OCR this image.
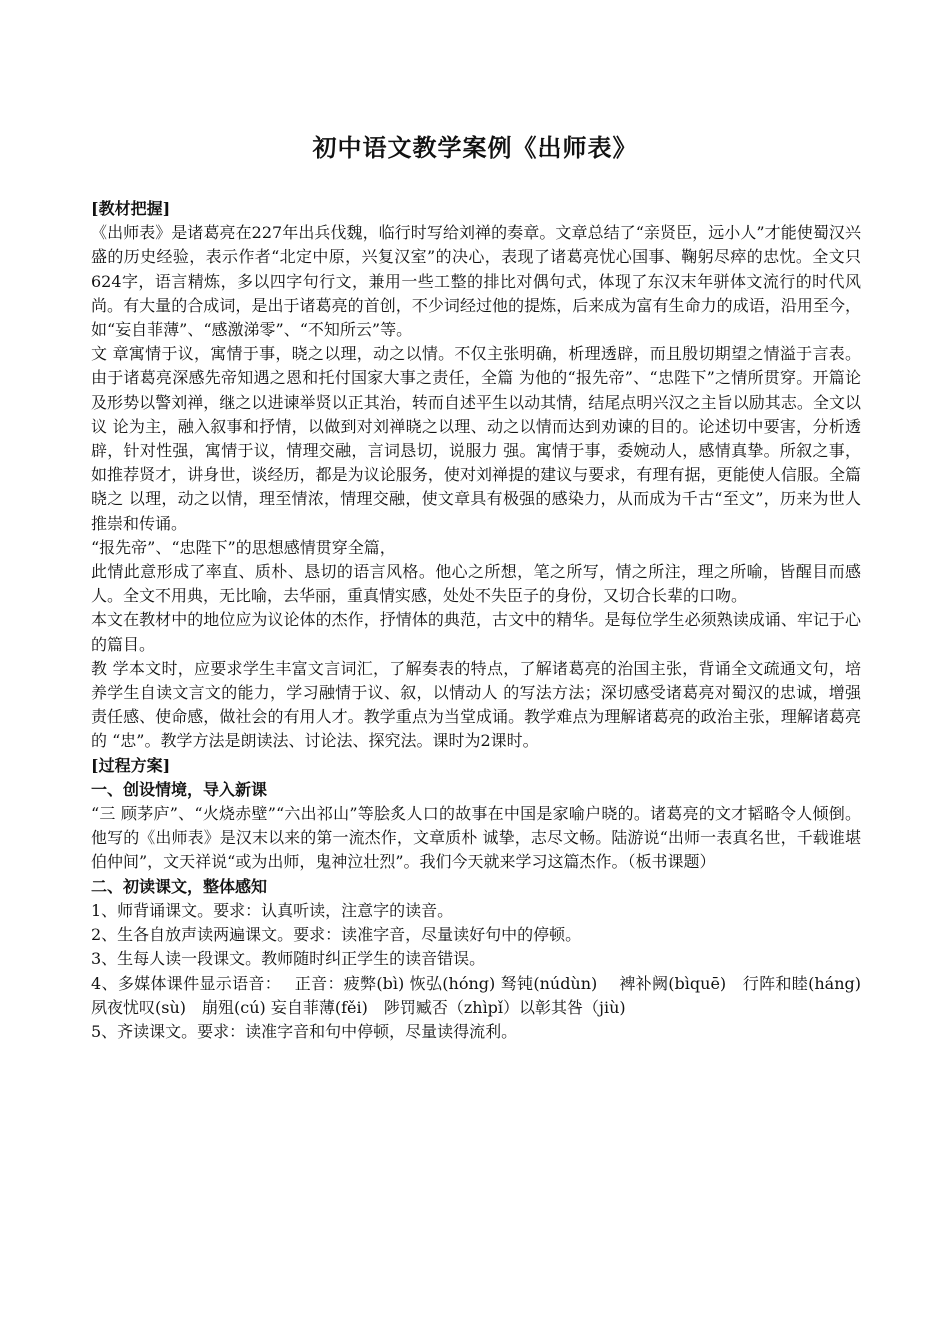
初中语文教学案例《出师表》

[教材把握]

《出师表》是诸葛亮在227年出兵伐魏，临行时写给刘禅的奏章。文章总结了“亲贤臣，远小人”才能使蜀汉兴盛的历史经验，表示作者“北定中原，兴复汉室”的决心，表现了诸葛亮忧心国事、鞠躬尽瘁的忠忱。全文只624字，语言精炼，多以四字句行文，兼用一些工整的排比对偶句式，体现了东汉末年骈体文流行的时代风尚。有大量的合成词，是出于诸葛亮的首创，不少词经过他的提炼，后来成为富有生命力的成语，沿用至今，如“妄自菲薄”、“感激涕零”、“不知所云”等。

文 章寓情于议，寓情于事，晓之以理，动之以情。不仅主张明确，析理透辟，而且殷切期望之情溢于言表。由于诸葛亮深感先帝知遇之恩和托付国家大事之责任，全篇 为他的“报先帝”、“忠陛下”之情所贯穿。开篇论及形势以警刘禅，继之以进谏举贤以正其治，转而自述平生以动其情，结尾点明兴汉之主旨以励其志。全文以议 论为主，融入叙事和抒情，以做到对刘禅晓之以理、动之以情而达到劝谏的目的。论述切中要害，分析透辟，针对性强，寓情于议，情理交融，言词恳切，说服力 强。寓情于事，委婉动人，感情真挚。所叙之事，如推荐贤才，讲身世，谈经历，都是为议论服务，使对刘禅提的建议与要求，有理有据，更能使人信服。全篇晓之 以理，动之以情，理至情浓，情理交融，使文章具有极强的感染力，从而成为千古“至文”，历来为世人推崇和传诵。

“报先帝”、“忠陛下”的思想感情贯穿全篇，

此情此意形成了率直、质朴、恳切的语言风格。他心之所想，笔之所写，情之所注，理之所喻，皆醒目而感人。全文不用典，无比喻，去华丽，重真情实感，处处不失臣子的身份，又切合长辈的口吻。

本文在教材中的地位应为议论体的杰作，抒情体的典范，古文中的精华。是每位学生必须熟读成诵、牢记于心的篇目。

教 学本文时，应要求学生丰富文言词汇，了解奏表的特点，了解诸葛亮的治国主张，背诵全文疏通文句，培养学生自读文言文的能力，学习融情于议、叙，以情动人 的写法方法；深切感受诸葛亮对蜀汉的忠诚，增强责任感、使命感，做社会的有用人才。教学重点为当堂成诵。教学难点为理解诸葛亮的政治主张，理解诸葛亮的 “忠”。教学方法是朗读法、讨论法、探究法。课时为2课时。

[过程方案]

一、创设情境，导入新课

“三 顾茅庐”、“火烧赤壁”“六出祁山”等脍炙人口的故事在中国是家喻户晓的。诸葛亮的文才韬略令人倾倒。他写的《出师表》是汉末以来的第一流杰作，文章质朴 诚挚，志尽文畅。陆游说“出师一表真名世，千载谁堪伯仲间”，文天祥说“或为出师，鬼神泣壮烈”。我们今天就来学习这篇杰作。（板书课题）

二、初读课文，整体感知

1、师背诵课文。要求：认真听读，注意字的读音。

2、生各自放声读两遍课文。要求：读准字音，尽量读好句中的停顿。

3、生每人读一段课文。教师随时纠正学生的读音错误。

4、多媒体课件显示语音：　 正音：疲弊(bì) 恢弘(hóng) 驽钝(núdùn)　 裨补阙(bìquē)　行阵和睦(háng)　夙夜忧叹(sù)　崩殂(cú) 妄自菲薄(fěi)　陟罚臧否（zhìpǐ）以彰其咎（jiù)

5、齐读课文。要求：读准字音和句中停顿，尽量读得流利。
